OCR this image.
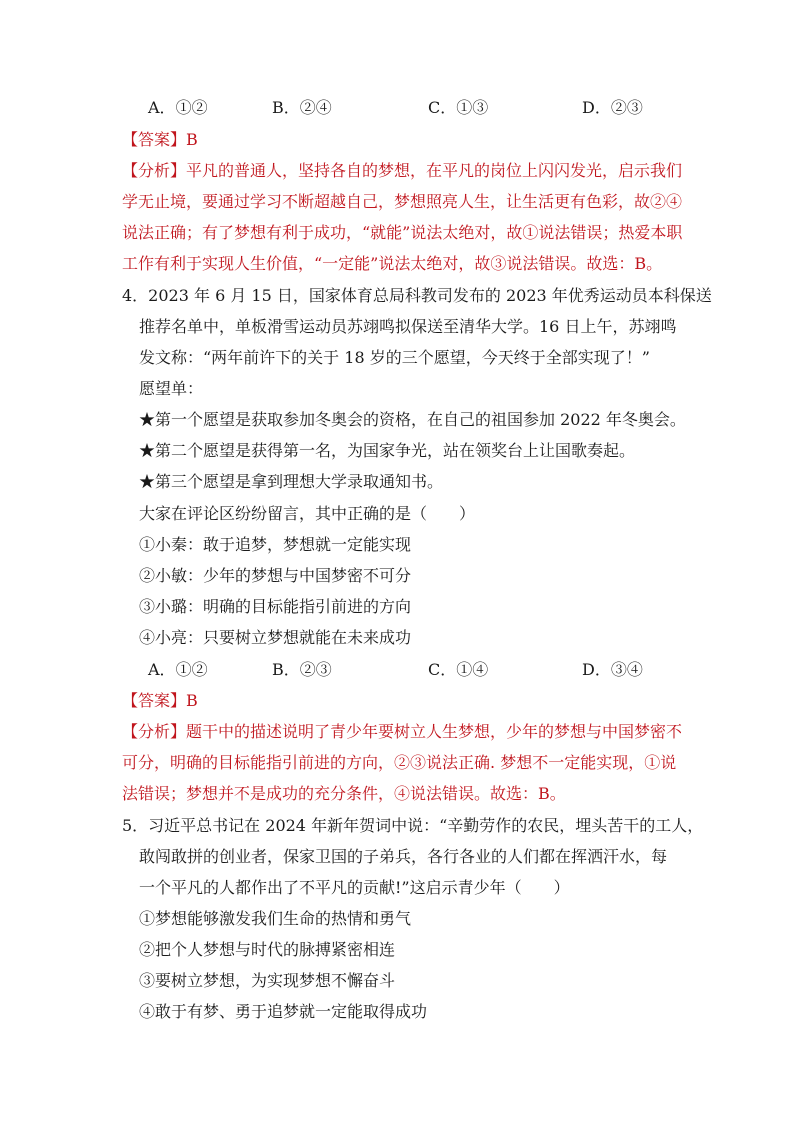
A．①②	B．②④	C．①③	D．②③
【答案】B
【分析】平凡的普通人，坚持各自的梦想，在平凡的岗位上闪闪发光，启示我们
学无止境，要通过学习不断超越自己，梦想照亮人生，让生活更有色彩，故②④
说法正确；有了梦想有利于成功，“就能”说法太绝对，故①说法错误；热爱本职
工作有利于实现人生价值，“一定能”说法太绝对，故③说法错误。故选：B。
4．2023 年 6 月 15 日，国家体育总局科教司发布的 2023 年优秀运动员本科保送
推荐名单中，单板滑雪运动员苏翊鸣拟保送至清华大学。16 日上午，苏翊鸣
发文称：“两年前许下的关于 18 岁的三个愿望，今天终于全部实现了！”
愿望单：
★第一个愿望是获取参加冬奥会的资格，在自己的祖国参加 2022 年冬奥会。
★第二个愿望是获得第一名，为国家争光，站在领奖台上让国歌奏起。
★第三个愿望是拿到理想大学录取通知书。
大家在评论区纷纷留言，其中正确的是（　　）
①小秦：敢于追梦，梦想就一定能实现
②小敏：少年的梦想与中国梦密不可分
③小璐：明确的目标能指引前进的方向
④小亮：只要树立梦想就能在未来成功
A．①②	B．②③	C．①④	D．③④
【答案】B
【分析】题干中的描述说明了青少年要树立人生梦想，少年的梦想与中国梦密不
可分，明确的目标能指引前进的方向，②③说法正确. 梦想不一定能实现，①说
法错误；梦想并不是成功的充分条件，④说法错误。故选：B。
5．习近平总书记在 2024 年新年贺词中说：“辛勤劳作的农民，埋头苦干的工人，
敢闯敢拼的创业者，保家卫国的子弟兵，各行各业的人们都在挥洒汗水，每
一个平凡的人都作出了不平凡的贡献!”这启示青少年（　　）
①梦想能够激发我们生命的热情和勇气
②把个人梦想与时代的脉搏紧密相连
③要树立梦想，为实现梦想不懈奋斗
④敢于有梦、勇于追梦就一定能取得成功
